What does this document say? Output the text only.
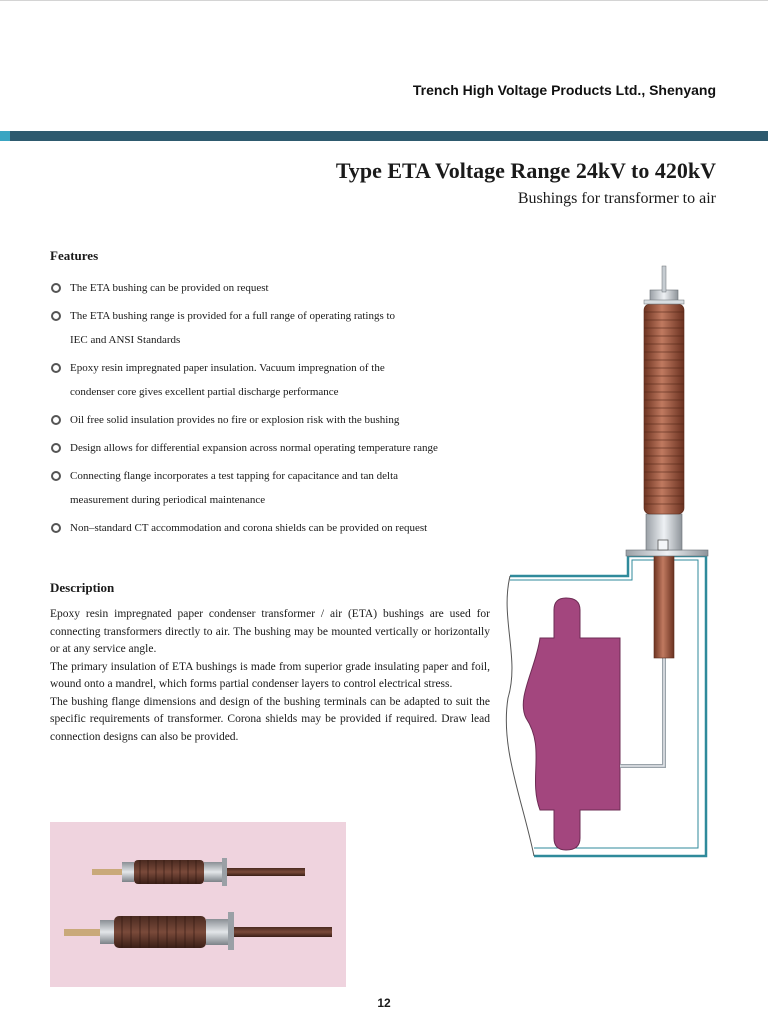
Trench High Voltage Products Ltd., Shenyang
Type ETA Voltage Range 24kV to 420kV
Bushings for transformer to air
Features
The ETA bushing can be provided on request
The ETA bushing range is provided for a full range of operating ratings to
IEC and ANSI Standards
Epoxy resin impregnated paper insulation. Vacuum impregnation of the
condenser core gives excellent partial discharge performance
Oil free solid insulation provides no fire or explosion risk with the bushing
Design allows for differential expansion across normal operating temperature range
Connecting flange incorporates a test tapping for capacitance and tan delta
measurement during periodical maintenance
Non–standard CT accommodation and corona shields can be provided on request
Description

Epoxy resin impregnated paper condenser transformer / air (ETA) bushings are used for connecting transformers directly to air. The bushing may be mounted vertically or horizontally or at any service angle.

The primary insulation of ETA bushings is made from superior grade insulating paper and foil, wound onto a mandrel, which forms partial condenser layers to control electrical stress.

The bushing flange dimensions and design of the bushing terminals can be adapted to suit the specific requirements of transformer. Corona shields may be provided if required. Draw lead connection designs can also be provided.

12
